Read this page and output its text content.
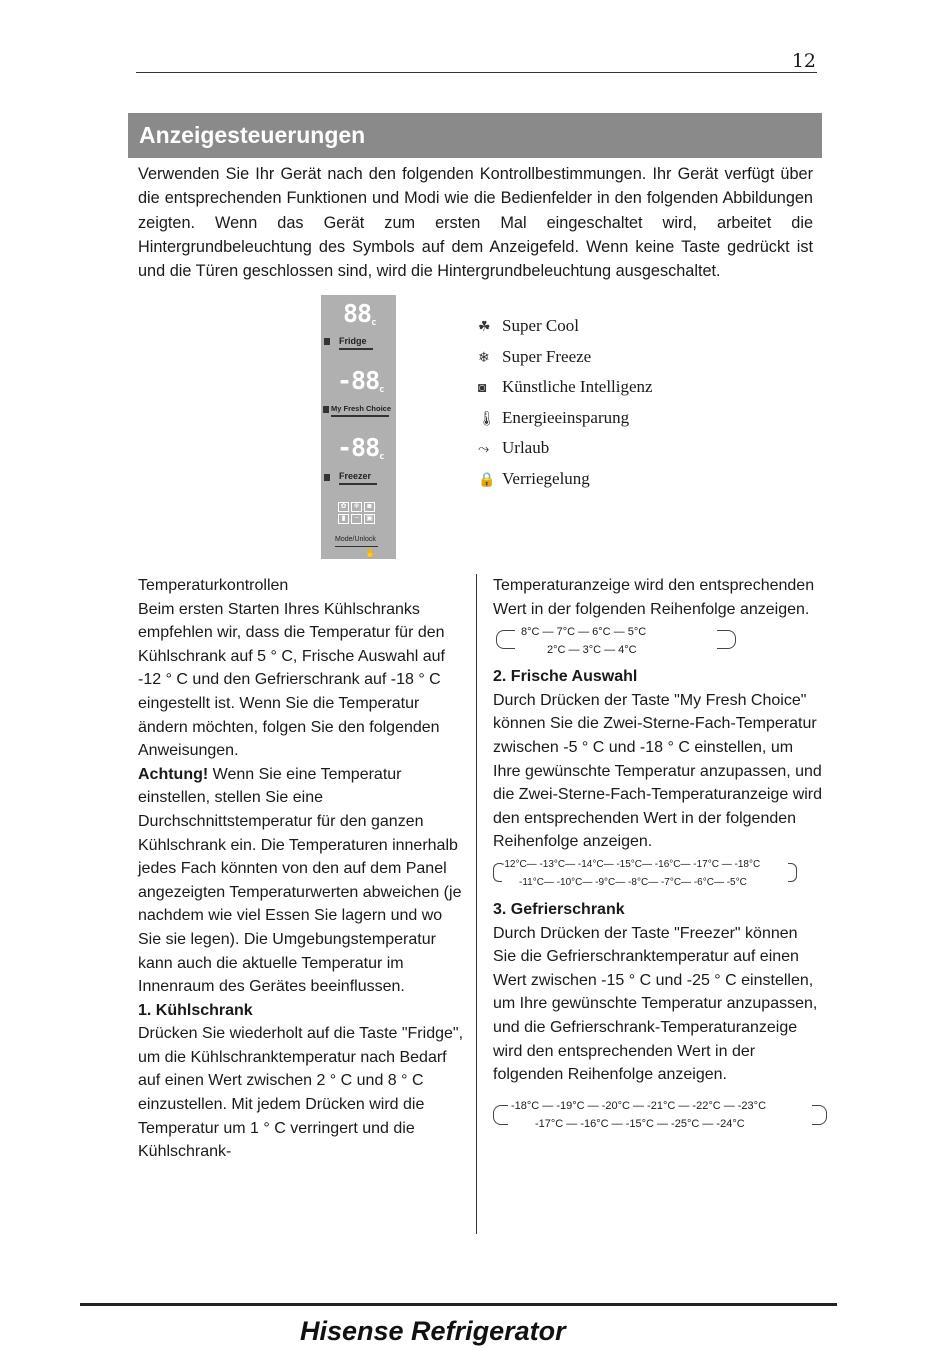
12
Anzeigesteuerungen

Verwenden Sie Ihr Gerät nach den folgenden Kontrollbestimmungen. Ihr Gerät verfügt über die entsprechenden Funktionen und Modi wie die Bedienfelder in den folgenden Abbildungen zeigten. Wenn das Gerät zum ersten Mal eingeschaltet wird, arbeitet die Hintergrundbeleuchtung des Symbols auf dem Anzeigefeld. Wenn keine Taste gedrückt ist und die Türen geschlossen sind, wird die Hintergrundbeleuchtung ausgeschaltet.

88c
Fridge
-88c
My Fresh Choice
-88c
Freezer
✿	❄	◙
▮	~	▣
Mode/Unlock
✋
☘ Super Cool
❄ Super Freeze
◙ Künstliche Intelligenz
🌡 Energieeinsparung
⤳ Urlaub
🔒 Verriegelung

Temperaturkontrollen

Beim ersten Starten Ihres Kühlschranks empfehlen wir, dass die Temperatur für den Kühlschrank auf 5 ° C, Frische Auswahl auf -12 ° C und den Gefrierschrank auf -18 ° C eingestellt ist. Wenn Sie die Temperatur ändern möchten, folgen Sie den folgenden Anweisungen.

Achtung! Wenn Sie eine Temperatur einstellen, stellen Sie eine Durchschnittstemperatur für den ganzen Kühlschrank ein. Die Temperaturen innerhalb jedes Fach könnten von den auf dem Panel angezeigten Temperaturwerten abweichen (je nachdem wie viel Essen Sie lagern und wo Sie sie legen). Die Umgebungstemperatur kann auch die aktuelle Temperatur im Innenraum des Gerätes beeinflussen.

1. Kühlschrank

Drücken Sie wiederholt auf die Taste "Fridge", um die Kühlschranktemperatur nach Bedarf auf einen Wert zwischen 2 ° C und 8 ° C einzustellen. Mit jedem Drücken wird die Temperatur um 1 ° C verringert und die Kühlschrank-

Temperaturanzeige wird den entsprechenden Wert in der folgenden Reihenfolge anzeigen.

8°C — 7°C — 6°C — 5°C
2°C — 3°C — 4°C

2. Frische Auswahl

Durch Drücken der Taste "My Fresh Choice" können Sie die Zwei-Sterne-Fach-Temperatur zwischen -5 ° C und -18 ° C einstellen, um Ihre gewünschte Temperatur anzupassen, und die Zwei-Sterne-Fach-Temperaturanzeige wird den entsprechenden Wert in der folgenden Reihenfolge anzeigen.

-12°C— -13°C— -14°C— -15°C— -16°C— -17°C — -18°C
-11°C— -10°C— -9°C— -8°C— -7°C— -6°C— -5°C

3. Gefrierschrank

Durch Drücken der Taste "Freezer" können Sie die Gefrierschranktemperatur auf einen Wert zwischen -15 ° C und -25 ° C einstellen, um Ihre gewünschte Temperatur anzupassen, und die Gefrierschrank-Temperaturanzeige wird den entsprechenden Wert in der folgenden Reihenfolge anzeigen.

-18°C — -19°C — -20°C — -21°C — -22°C — -23°C
-17°C — -16°C — -15°C — -25°C — -24°C
Hisense Refrigerator
